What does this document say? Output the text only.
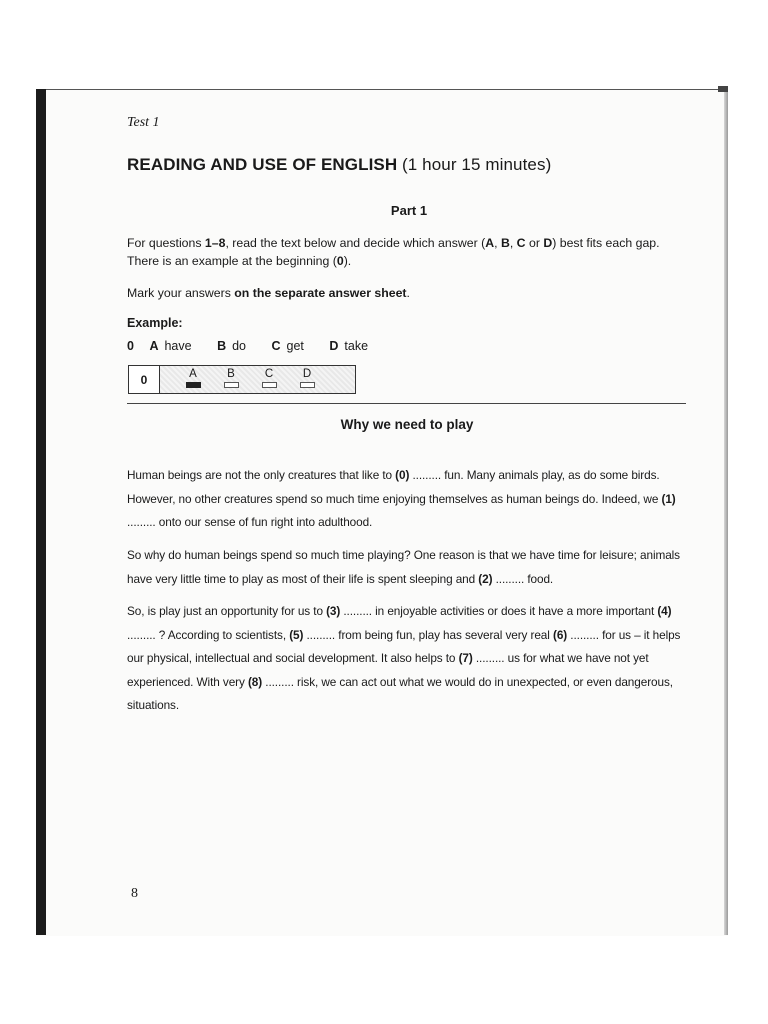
Test 1
READING AND USE OF ENGLISH (1 hour 15 minutes)
Part 1
For questions 1–8, read the text below and decide which answer (A, B, C or D) best fits each gap.
There is an example at the beginning (0).
Mark your answers on the separate answer sheet.
Example:
0 A have B do C get D take
0	A	B	C	D
Why we need to play
Human beings are not the only creatures that like to (0) ......... fun. Many animals play, as do some birds. However, no other creatures spend so much time enjoying themselves as human beings do. Indeed, we (1) ......... onto our sense of fun right into adulthood.
So why do human beings spend so much time playing? One reason is that we have time for leisure; animals have very little time to play as most of their life is spent sleeping and (2) ......... food.
So, is play just an opportunity for us to (3) ......... in enjoyable activities or does it have a more important (4) ......... ? According to scientists, (5) ......... from being fun, play has several very real (6) ......... for us – it helps our physical, intellectual and social development. It also helps to (7) ......... us for what we have not yet experienced. With very (8) ......... risk, we can act out what we would do in unexpected, or even dangerous, situations.
8
